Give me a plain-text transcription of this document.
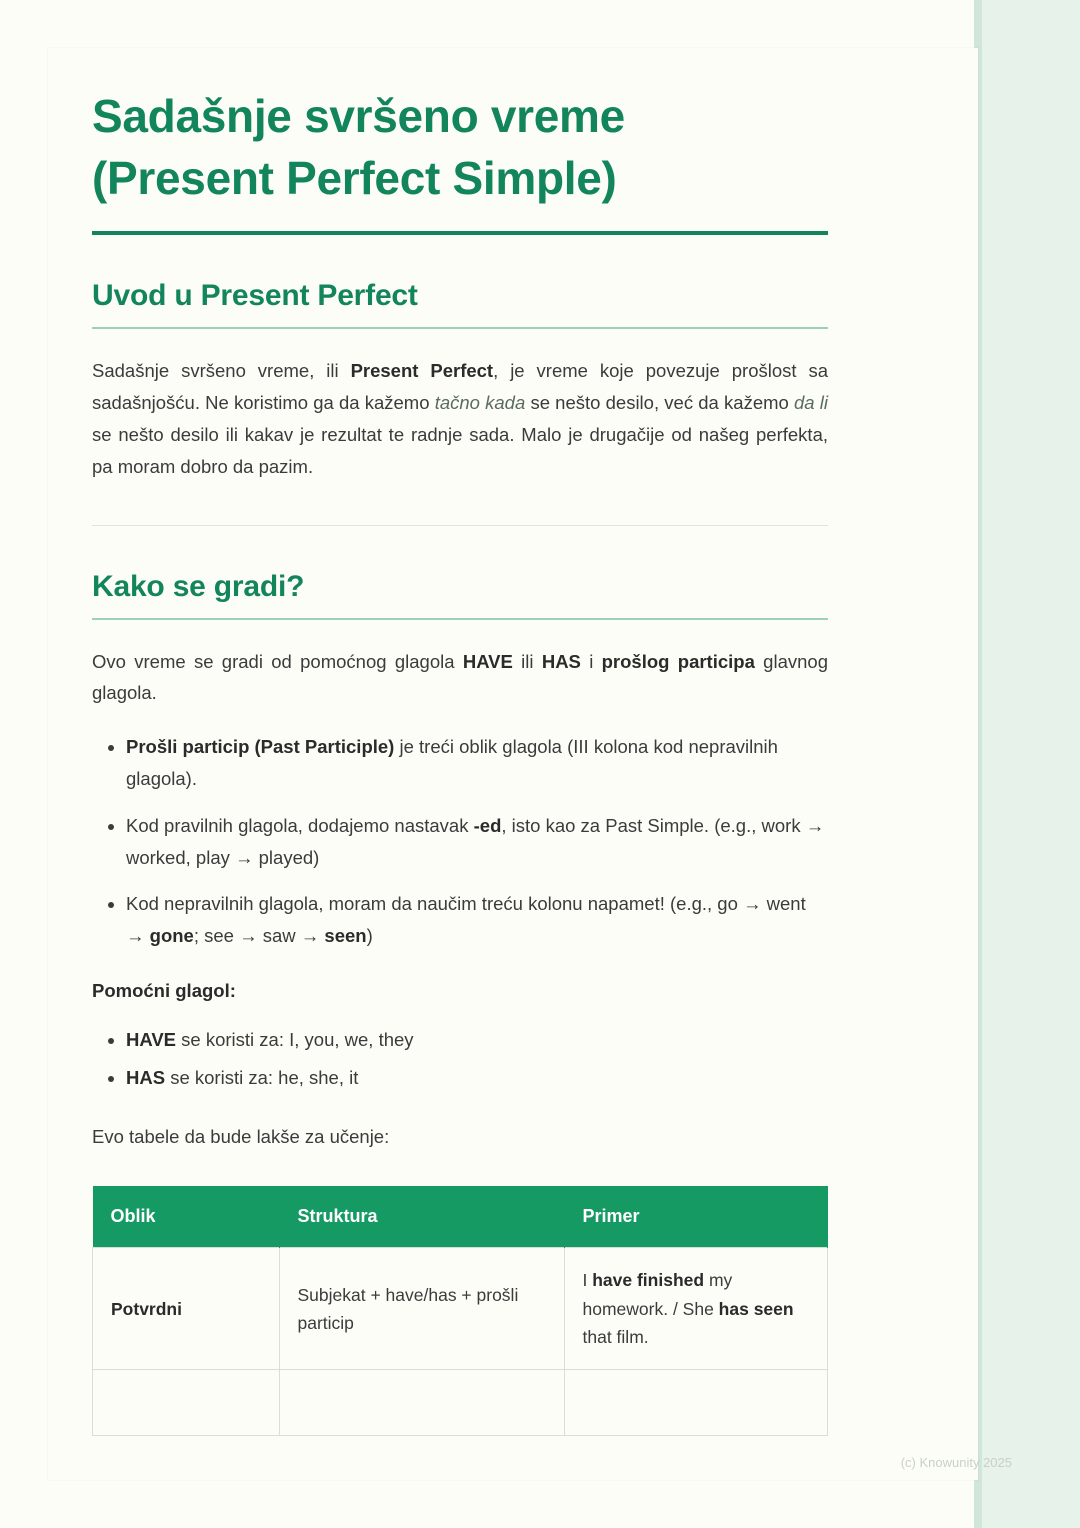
Sadašnje svršeno vreme
(Present Perfect Simple)
Uvod u Present Perfect

Sadašnje svršeno vreme, ili Present Perfect, je vreme koje povezuje prošlost sa sadašnjošću. Ne koristimo ga da kažemo tačno kada se nešto desilo, već da kažemo da li se nešto desilo ili kakav je rezultat te radnje sada. Malo je drugačije od našeg perfekta, pa moram dobro da pazim.

Kako se gradi?

Ovo vreme se gradi od pomoćnog glagola HAVE ili HAS i prošlog participa glavnog glagola.

• Prošli particip (Past Participle) je treći oblik glagola (III kolona kod nepravilnih glagola).
• Kod pravilnih glagola, dodajemo nastavak -ed, isto kao za Past Simple. (e.g., work → worked, play → played)
• Kod nepravilnih glagola, moram da naučim treću kolonu napamet! (e.g., go → went → gone; see → saw → seen)

Pomoćni glagol:

• HAVE se koristi za: I, you, we, they
• HAS se koristi za: he, she, it

Evo tabele da bude lakše za učenje:

Oblik	Struktura	Primer
Potvrdni	Subjekat + have/has + prošli particip	I have finished my homework. / She has seen that film.

(c) Knowunity 2025
